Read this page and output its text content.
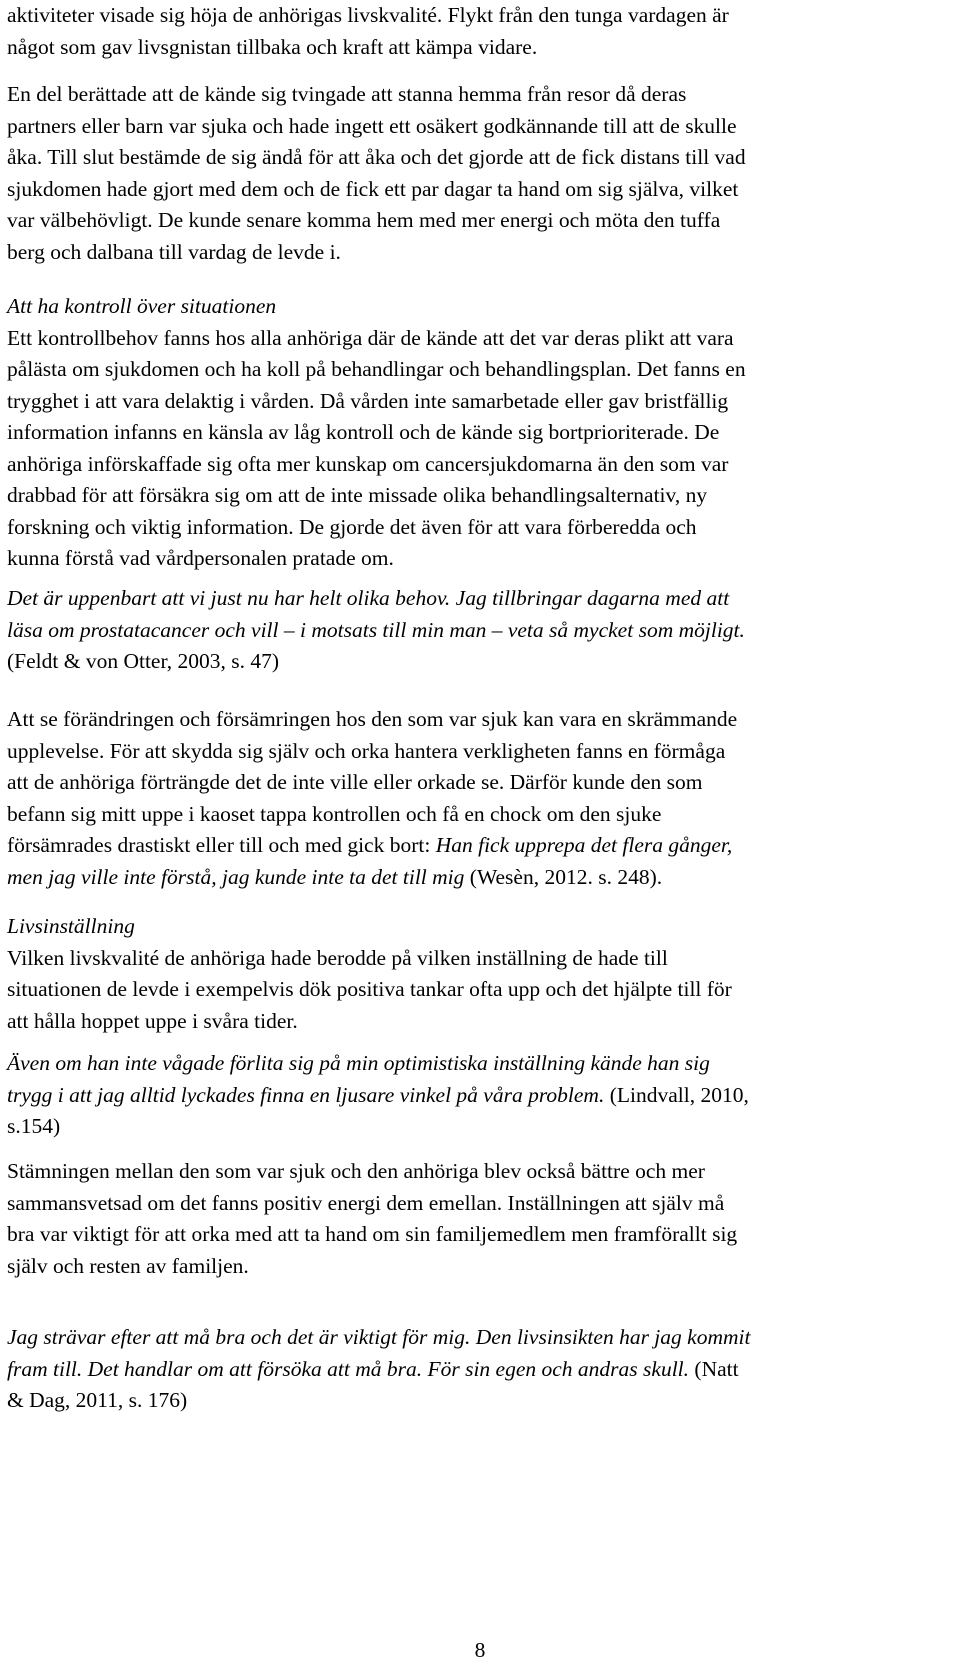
aktiviteter visade sig höja de anhörigas livskvalité. Flykt från den tunga vardagen är
något som gav livsgnistan tillbaka och kraft att kämpa vidare.
En del berättade att de kände sig tvingade att stanna hemma från resor då deras
partners eller barn var sjuka och hade ingett ett osäkert godkännande till att de skulle
åka. Till slut bestämde de sig ändå för att åka och det gjorde att de fick distans till vad
sjukdomen hade gjort med dem och de fick ett par dagar ta hand om sig själva, vilket
var välbehövligt. De kunde senare komma hem med mer energi och möta den tuffa
berg och dalbana till vardag de levde i.
Att ha kontroll över situationen
Ett kontrollbehov fanns hos alla anhöriga där de kände att det var deras plikt att vara
pålästa om sjukdomen och ha koll på behandlingar och behandlingsplan. Det fanns en
trygghet i att vara delaktig i vården. Då vården inte samarbetade eller gav bristfällig
information infanns en känsla av låg kontroll och de kände sig bortprioriterade. De
anhöriga införskaffade sig ofta mer kunskap om cancersjukdomarna än den som var
drabbad för att försäkra sig om att de inte missade olika behandlingsalternativ, ny
forskning och viktig information. De gjorde det även för att vara förberedda och
kunna förstå vad vårdpersonalen pratade om.
Det är uppenbart att vi just nu har helt olika behov. Jag tillbringar dagarna med att
läsa om prostatacancer och vill – i motsats till min man – veta så mycket som möjligt.
(Feldt & von Otter, 2003, s. 47)
Att se förändringen och försämringen hos den som var sjuk kan vara en skrämmande
upplevelse. För att skydda sig själv och orka hantera verkligheten fanns en förmåga
att de anhöriga förträngde det de inte ville eller orkade se. Därför kunde den som
befann sig mitt uppe i kaoset tappa kontrollen och få en chock om den sjuke
försämrades drastiskt eller till och med gick bort: Han fick upprepa det flera gånger,
men jag ville inte förstå, jag kunde inte ta det till mig (Wesèn, 2012. s. 248).
Livsinställning
Vilken livskvalité de anhöriga hade berodde på vilken inställning de hade till
situationen de levde i exempelvis dök positiva tankar ofta upp och det hjälpte till för
att hålla hoppet uppe i svåra tider.
Även om han inte vågade förlita sig på min optimistiska inställning kände han sig
trygg i att jag alltid lyckades finna en ljusare vinkel på våra problem. (Lindvall, 2010,
s.154)
Stämningen mellan den som var sjuk och den anhöriga blev också bättre och mer
sammansvetsad om det fanns positiv energi dem emellan. Inställningen att själv må
bra var viktigt för att orka med att ta hand om sin familjemedlem men framförallt sig
själv och resten av familjen.
Jag strävar efter att må bra och det är viktigt för mig. Den livsinsikten har jag kommit
fram till. Det handlar om att försöka att må bra. För sin egen och andras skull. (Natt
& Dag, 2011, s. 176)
8
